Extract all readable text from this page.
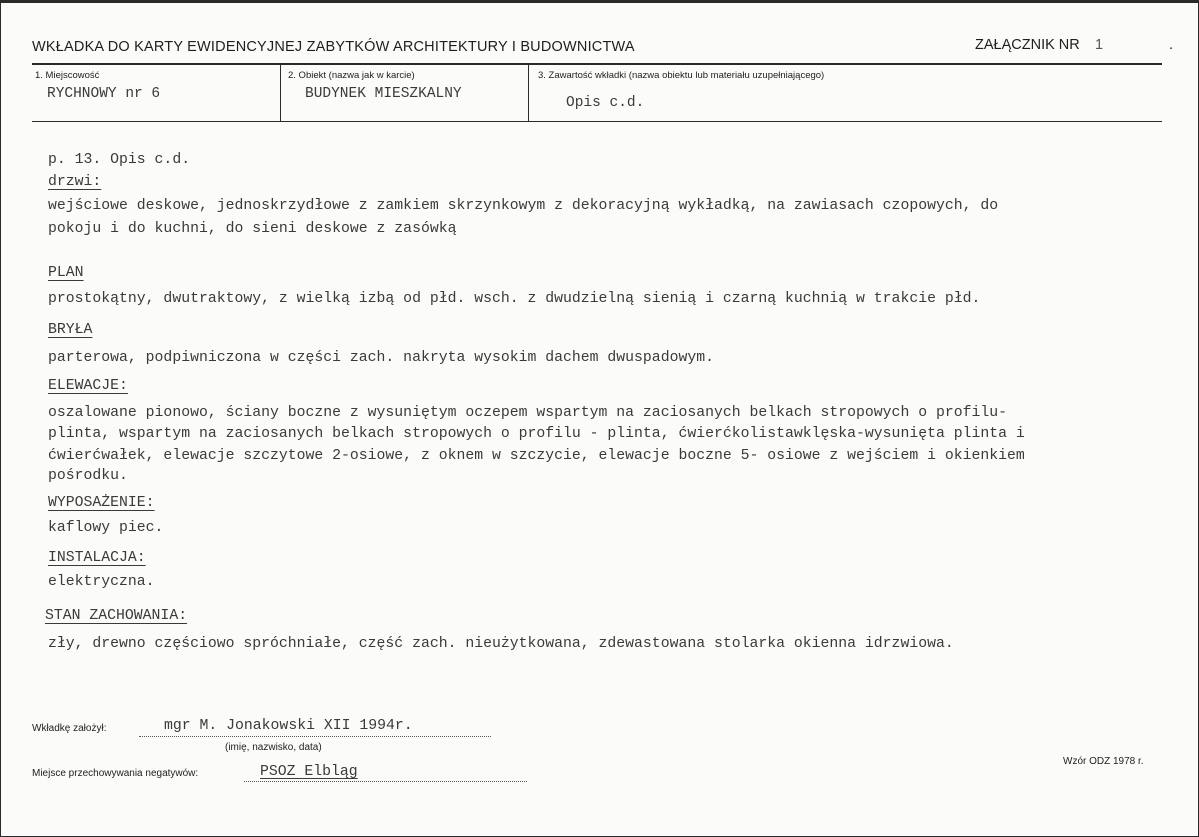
WKŁADKA DO KARTY EWIDENCYJNEJ ZABYTKÓW ARCHITEKTURY I BUDOWNICTWA	ZAŁĄCZNIK NR 1	.
1. Miejscowość
RYCHNOWY nr 6
2. Obiekt (nazwa jak w karcie)
BUDYNEK MIESZKALNY
3. Zawartość wkładki (nazwa obiektu lub materiału uzupełniającego)
Opis c.d.
p. 13. Opis c.d.
drzwi:
wejściowe deskowe, jednoskrzydłowe z zamkiem skrzynkowym z dekoracyjną wykładką, na zawiasach czopowych, do
pokoju i do kuchni, do sieni deskowe z zasówką
PLAN
prostokątny, dwutraktowy, z wielką izbą od płd. wsch. z dwudzielną sienią i czarną kuchnią w trakcie płd.
BRYŁA
parterowa, podpiwniczona w części zach. nakryta wysokim dachem dwuspadowym.
ELEWACJE:
oszalowane pionowo, ściany boczne z wysuniętym oczepem wspartym na zaciosanych belkach stropowych o profilu-
plinta, wspartym na zaciosanych belkach stropowych o profilu - plinta, ćwierćkolistawklęska-wysunięta plinta i
ćwierćwałek, elewacje szczytowe 2-osiowe, z oknem w szczycie, elewacje boczne 5- osiowe z wejściem i okienkiem
pośrodku.
WYPOSAŻENIE:
kaflowy piec.
INSTALACJA:
elektryczna.
STAN ZACHOWANIA:
zły, drewno częściowo spróchniałe, część zach. nieużytkowana, zdewastowana stolarka okienna idrzwiowa.
Wkładkę założył:	mgr M. Jonakowski XII 1994r.
(imię, nazwisko, data)
Miejsce przechowywania negatywów:	PSOZ Elbląg
Wzór ODZ 1978 r.
